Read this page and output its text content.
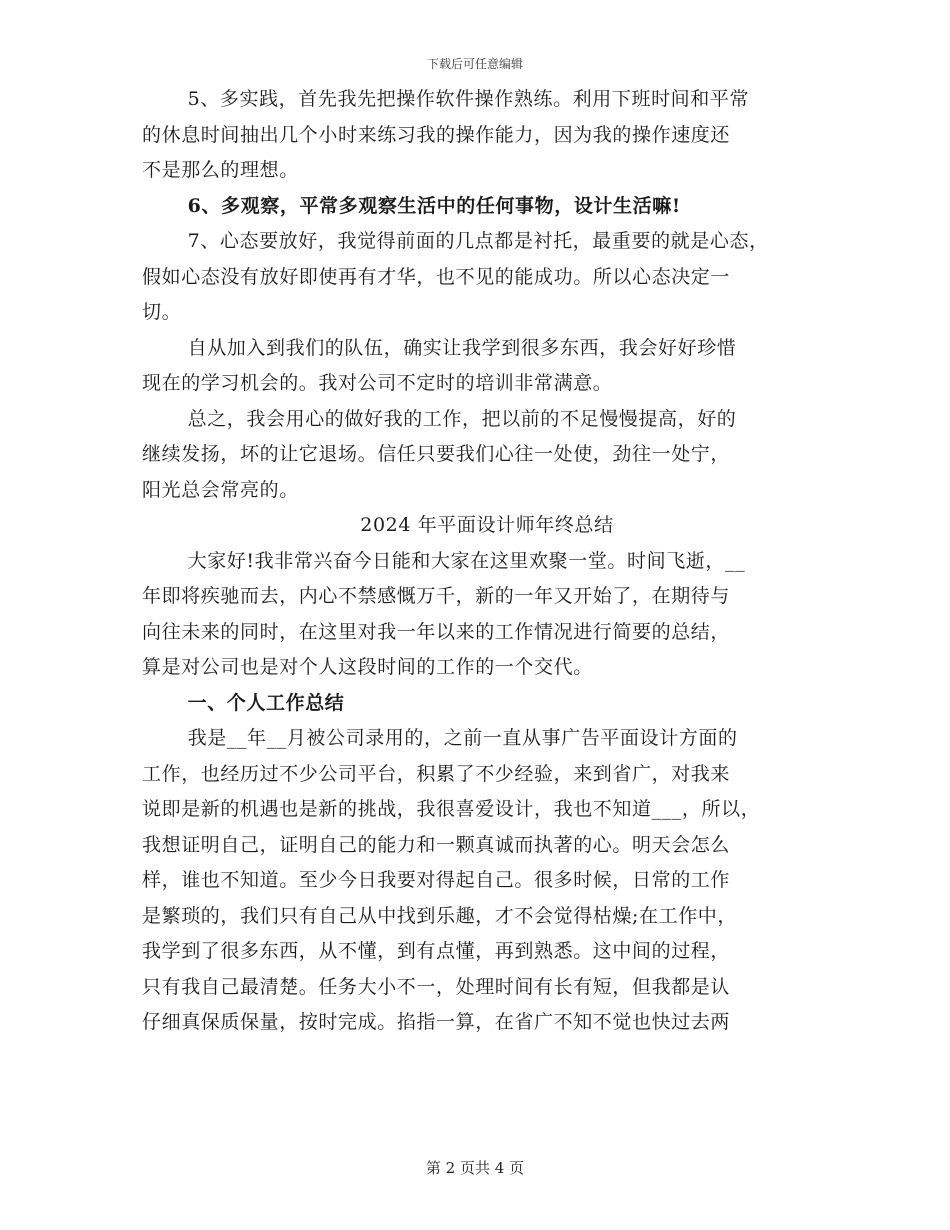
下载后可任意编辑

5、多实践，首先我先把操作软件操作熟练。利用下班时间和平常
的休息时间抽出几个小时来练习我的操作能力，因为我的操作速度还
不是那么的理想。

6、多观察，平常多观察生活中的任何事物，设计生活嘛!

7、心态要放好，我觉得前面的几点都是衬托，最重要的就是心态，
假如心态没有放好即使再有才华，也不见的能成功。所以心态决定一
切。

自从加入到我们的队伍，确实让我学到很多东西，我会好好珍惜
现在的学习机会的。我对公司不定时的培训非常满意。

总之，我会用心的做好我的工作，把以前的不足慢慢提高，好的
继续发扬，坏的让它退场。信任只要我们心往一处使，劲往一处宁，
阳光总会常亮的。

2024 年平面设计师年终总结

大家好!我非常兴奋今日能和大家在这里欢聚一堂。时间飞逝，__
年即将疾驰而去，内心不禁感慨万千，新的一年又开始了，在期待与
向往未来的同时，在这里对我一年以来的工作情况进行简要的总结，
算是对公司也是对个人这段时间的工作的一个交代。

一、个人工作总结

我是__年__月被公司录用的，之前一直从事广告平面设计方面的
工作，也经历过不少公司平台，积累了不少经验，来到省广，对我来
说即是新的机遇也是新的挑战，我很喜爱设计，我也不知道___，所以，
我想证明自己，证明自己的能力和一颗真诚而执著的心。明天会怎么
样，谁也不知道。至少今日我要对得起自己。很多时候，日常的工作
是繁琐的，我们只有自己从中找到乐趣，才不会觉得枯燥;在工作中，
我学到了很多东西，从不懂，到有点懂，再到熟悉。这中间的过程，
只有我自己最清楚。任务大小不一，处理时间有长有短，但我都是认
仔细真保质保量，按时完成。掐指一算，在省广不知不觉也快过去两

第 2 页共 4 页
